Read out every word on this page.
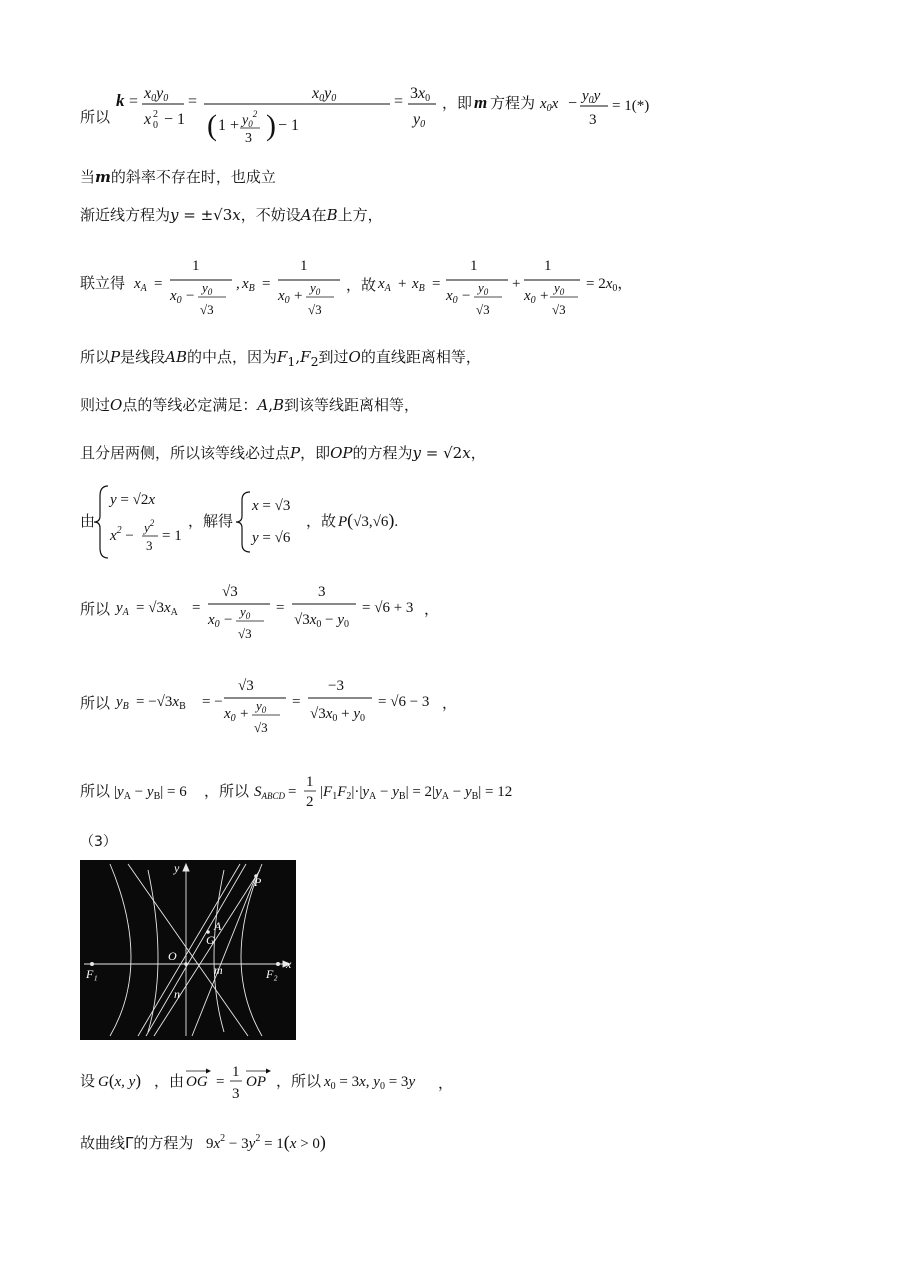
所以
k = x0y0
x 0
2 − 1
=	x0y0
( $1 + y_0^2$
3 ) − 1
= 3x0
y0
，即 m 方程为 $x_0x - y_0y$
3
= 1(*)
当m的斜率不存在时，也成立
渐近线方程为y = ±√3x，不妨设A在B上方，
联立得 $x_A$ =
1
$x_0$ −
$y_0$
√3
, $x_B$ =
1
$x_0$ +
$y_0$
√3
，故 $x_A + x_B$ =
1
$x_0$ −
$y_0$
√3
+
1
$x_0$ +
$y_0$
√3
= $2x_0$，
所以P是线段AB的中点，因为$F_1,F_2$到过O的直线距离相等，
则过O点的等线必定满足：A,B到该等线距离相等，
且分居两侧，所以该等线必过点P，即OP的方程为y = √2x，
由
y = √2x
$x^2$ −
$y^2$
3
= 1
，解得
x = √3
y = √6
，故 P(√3,√6).
所以 $y_A = √3x_A$ =
√3
$x_0$ −
$y_0$
√3
=
3
$√3x_0 - y_0$
= √6 + 3 ，
所以 $y_B = -√3x_B$ = −
√3
$x_0$ +
$y_0$
√3
=
−3
$√3x_0 + y_0$
= √6 − 3 ，
所以 $|y_A - y_B| = 6$ ，所以 $S_{ABCD}$ =
1
2
$|F_1F_2|\cdot|y_A - y_B| = 2|y_A - y_B| = 12$
（3）
y
P
A
G
O
F₁	m	F₂
x
n
设 G(x, y) ，由 OG =
1
3
OP ，所以 $x_0 = 3x$, $y_0 = 3y$ ，
故曲线Γ的方程为 $9x^2 - 3y^2 = 1(x > 0)$
